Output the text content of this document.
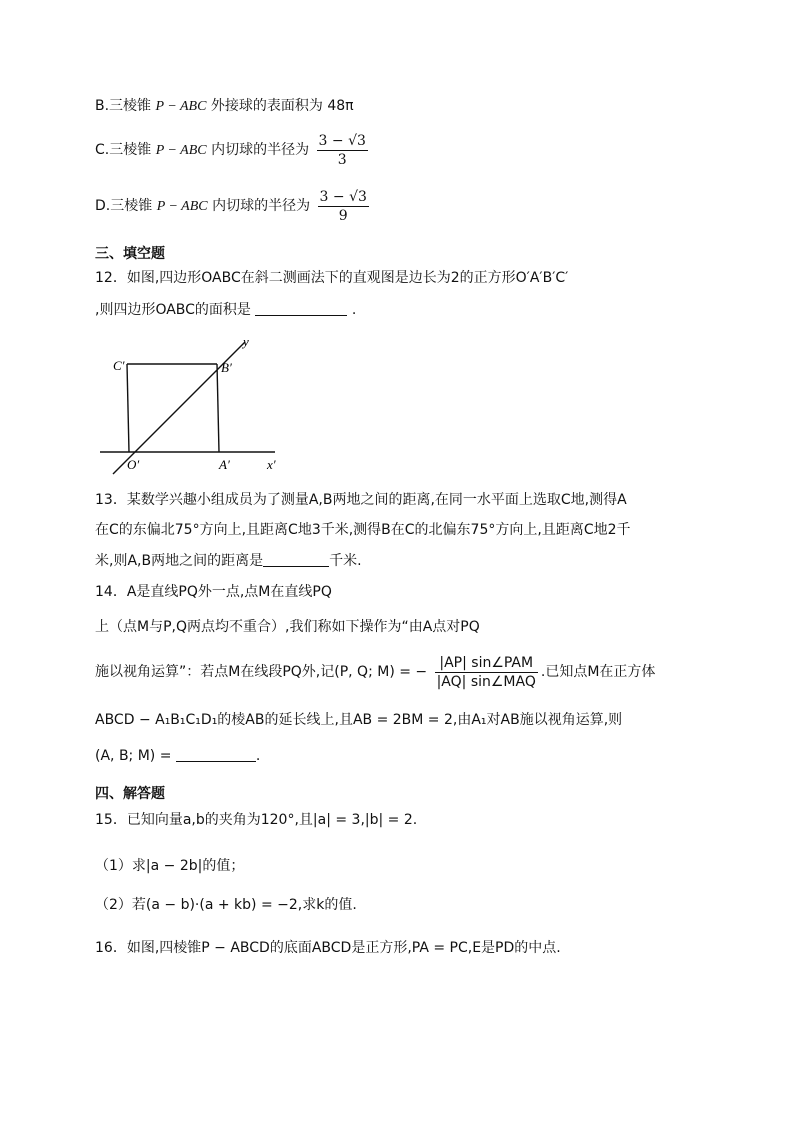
B.三棱锥 P − ABC 外接球的表面积为 48π
C.三棱锥 P − ABC 内切球的半径为 $\frac{3 - √3}{3}$
D.三棱锥 P − ABC 内切球的半径为 $\frac{3 - √3}{9}$
三、填空题
12．如图,四边形OABC在斜二测画法下的直观图是边长为2的正方形O′A′B′C′
,则四边形OABC的面积是	.
C′	B′
O′	A′	x′
y
13．某数学兴趣小组成员为了测量A,B两地之间的距离,在同一水平面上选取C地,测得A
在C的东偏北75°方向上,且距离C地3千米,测得B在C的北偏东75°方向上,且距离C地2千
米,则A,B两地之间的距离是	千米.
14．A是直线PQ外一点,点M在直线PQ
上（点M与P,Q两点均不重合）,我们称如下操作为“由A点对PQ
施以视角运算”：若点M在线段PQ外,记(P, Q; M) = − $\frac{\text{|AP| sin∠PAM}}{\text{|AQ| sin∠MAQ}}$ .已知点M在正方体
ABCD − A₁B₁C₁D₁的棱AB的延长线上,且AB = 2BM = 2,由A₁对AB施以视角运算,则
(A, B; M) =	.
四、解答题
15．已知向量a,b的夹角为120°,且|a| = 3,|b| = 2.
（1）求|a − 2b|的值；
（2）若(a − b)·(a + kb) = −2,求k的值.
16．如图,四棱锥P − ABCD的底面ABCD是正方形,PA = PC,E是PD的中点.
